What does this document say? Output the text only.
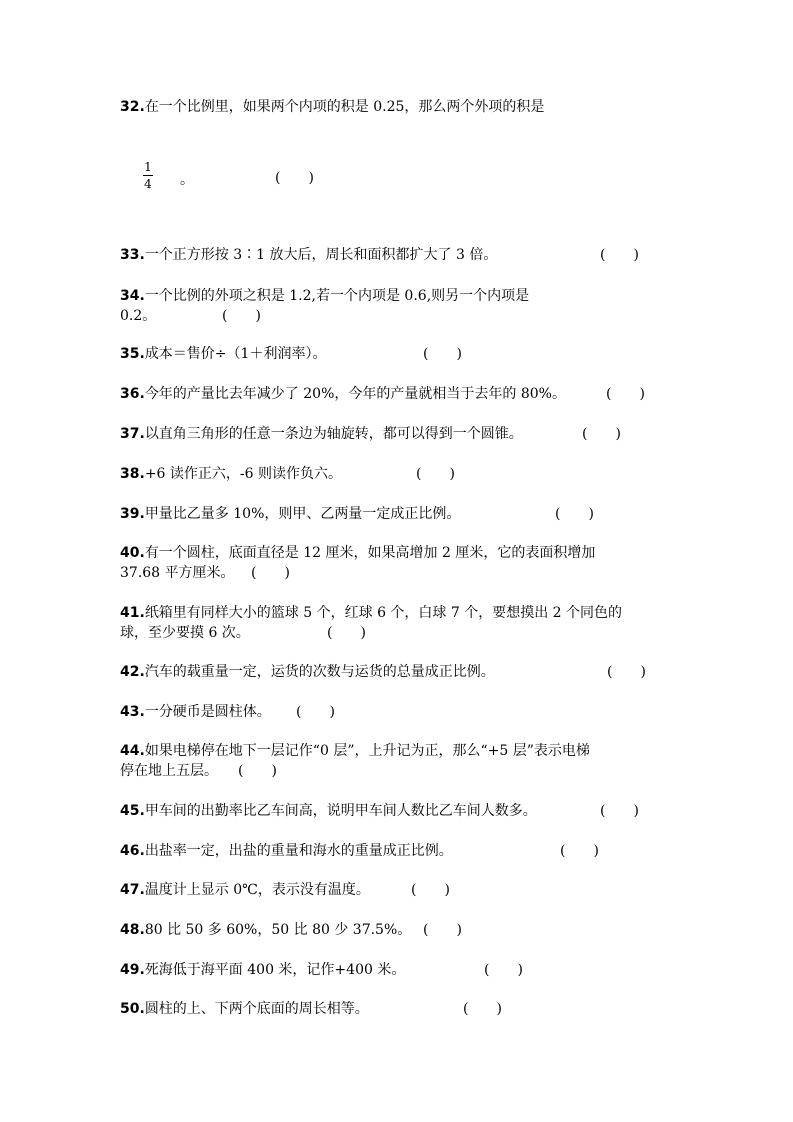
32.在一个比例里，如果两个内项的积是 0.25，那么两个外项的积是
1
4 。	(　　)
33.一个正方形按 3∶1 放大后，周长和面积都扩大了 3 倍。	(　　)
34.一个比例的外项之积是 1.2,若一个内项是 0.6,则另一个内项是
0.2。	(　　)
35.成本＝售价÷（1＋利润率）。	(　　)
36.今年的产量比去年减少了 20%，今年的产量就相当于去年的 80%。	(　　)
37.以直角三角形的任意一条边为轴旋转，都可以得到一个圆锥。	(　　)
38.+6 读作正六，-6 则读作负六。	(　　)
39.甲量比乙量多 10%，则甲、乙两量一定成正比例。	(　　)
40.有一个圆柱，底面直径是 12 厘米，如果高增加 2 厘米，它的表面积增加
37.68 平方厘米。 (　　)
41.纸箱里有同样大小的篮球 5 个，红球 6 个，白球 7 个，要想摸出 2 个同色的
球，至少要摸 6 次。	(　　)
42.汽车的载重量一定，运货的次数与运货的总量成正比例。	(　　)
43.一分硬币是圆柱体。 (　　)
44.如果电梯停在地下一层记作“0 层”，上升记为正，那么“+5 层”表示电梯
停在地上五层。 (　　)
45.甲车间的出勤率比乙车间高，说明甲车间人数比乙车间人数多。	(　　)
46.出盐率一定，出盐的重量和海水的重量成正比例。	(　　)
47.温度计上显示 0℃，表示没有温度。	(　　)
48.80 比 50 多 60%，50 比 80 少 37.5%。 (　　)
49.死海低于海平面 400 米，记作+400 米。	(　　)
50.圆柱的上、下两个底面的周长相等。	(　　)
